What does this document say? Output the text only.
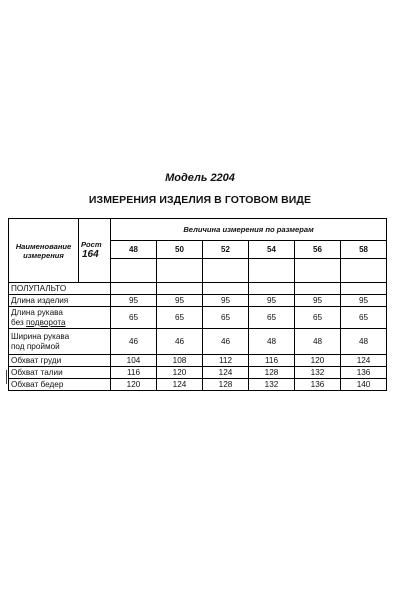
Модель 2204
ИЗМЕРЕНИЯ ИЗДЕЛИЯ В ГОТОВОМ ВИДЕ
Наименование измерения	Рост
164	Величина измерения по размерам					
		48	50	52	54	56	58

ПОЛУПАЛЬТО							
Длина изделия		95	95	95	95	95	95

Длина рукава
без подворота		65	65	65	65	65	65

Ширина рукава
под проймой		46	46	46	48	48	48
Обхват груди		104	108	112	116	120	124
Обхват талии		116	120	124	128	132	136
Обхват бедер		120	124	128	132	136	140
